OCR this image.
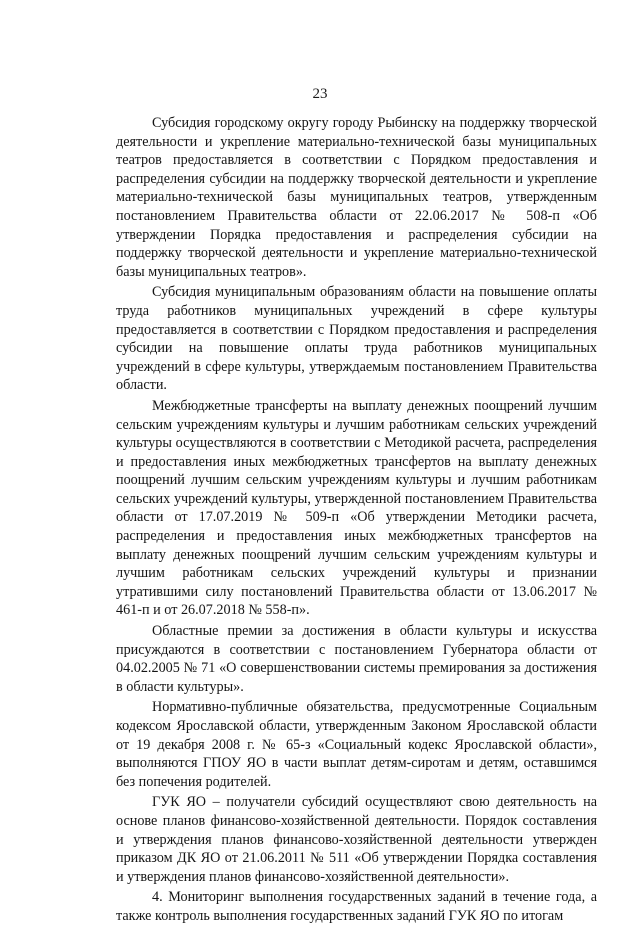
23

Субсидия городскому округу городу Рыбинску на поддержку творческой деятельности и укрепление материально-технической базы муниципальных театров предоставляется в соответствии с Порядком предоставления и распределения субсидии на поддержку творческой деятельности и укрепление материально-технической базы муниципальных театров, утвержденным постановлением Правительства области от 22.06.2017 № 508-п «Об утверждении Порядка предоставления и распределения субсидии на поддержку творческой деятельности и укрепление материально-технической базы муниципальных театров».

Субсидия муниципальным образованиям области на повышение оплаты труда работников муниципальных учреждений в сфере культуры предоставляется в соответствии с Порядком предоставления и распределения субсидии на повышение оплаты труда работников муниципальных учреждений в сфере культуры, утверждаемым постановлением Правительства области.

Межбюджетные трансферты на выплату денежных поощрений лучшим сельским учреждениям культуры и лучшим работникам сельских учреждений культуры осуществляются в соответствии с Методикой расчета, распределения и предоставления иных межбюджетных трансфертов на выплату денежных поощрений лучшим сельским учреждениям культуры и лучшим работникам сельских учреждений культуры, утвержденной постановлением Правительства области от 17.07.2019 № 509-п «Об утверждении Методики расчета, распределения и предоставления иных межбюджетных трансфертов на выплату денежных поощрений лучшим сельским учреждениям культуры и лучшим работникам сельских учреждений культуры и признании утратившими силу постановлений Правительства области от 13.06.2017 № 461-п и от 26.07.2018 № 558-п».

Областные премии за достижения в области культуры и искусства присуждаются в соответствии с постановлением Губернатора области от 04.02.2005 № 71 «О совершенствовании системы премирования за достижения в области культуры».

Нормативно-публичные обязательства, предусмотренные Социальным кодексом Ярославской области, утвержденным Законом Ярославской области от 19 декабря 2008 г. № 65-з «Социальный кодекс Ярославской области», выполняются ГПОУ ЯО в части выплат детям-сиротам и детям, оставшимся без попечения родителей.

ГУК ЯО – получатели субсидий осуществляют свою деятельность на основе планов финансово-хозяйственной деятельности. Порядок составления и утверждения планов финансово-хозяйственной деятельности утвержден приказом ДК ЯО от 21.06.2011 № 511 «Об утверждении Порядка составления и утверждения планов финансово-хозяйственной деятельности».

4. Мониторинг выполнения государственных заданий в течение года, а также контроль выполнения государственных заданий ГУК ЯО по итогам
